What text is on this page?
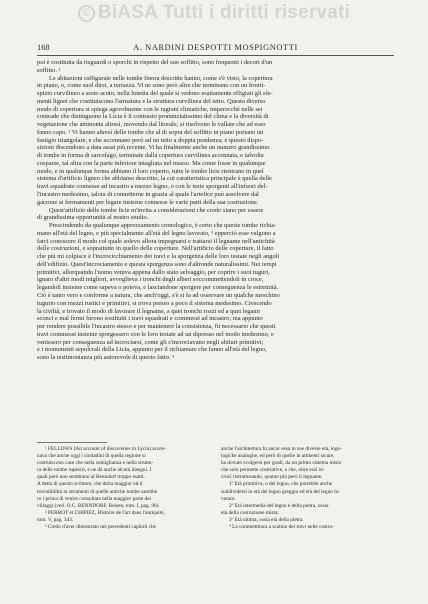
© BiASA Tutti i diritti riservati
168	A. NARDINI DESPOTTI MOSPIGNOTTI

poi è costituita da risguardi o sporchi in rispetto del suo soffitto, sono frequenti i decori d'un

soffitto. ¹

Le abitazioni raffigurate nelle tombe finora descritte hanno, come s'è visto, la copertura

in piano, o, come suol dirsi, a terrazza. Vi ne sono però altre che terminano con un fronti-

spizio curvilineo a sesto acuto, nella lunetta del quale si vedono esattamente effigiati gli ele-

menti lignei che costituiscono l'armatura e la struttura curvilinea del tetto. Questo diverso

modo di copertura si spiega agevolmente con le ragioni climatiche, imperocchè nelle sei

contrade che distinguono la Licia è il contrasto pronunziatissimo del clima e la diversità di

vegetazione che ammonta altresì, movendo dal litorale, si risolvono le vallate che ad esso

fanno capo. ² Vi hanno altresì delle tombe che al di sopra del soffitto in piano portano un

fastigio triangolare, e che accennano però ad un tetto a doppia pendenza; e questo dispo-

sizioni discendono a data assai più recente. Vi ha finalmente anche un numero grandissimo

di tombe in forma di sarcofago, terminate dalla copertura curvilinea accennata, e talvolta

cosparse, tal altra con la parte inferiore intagliata nel masso. Ma come fosse in qualunque

modo, e in qualunque forma abbiano il loro coperto, tutte le tombe licie rientrano in quel

sistema d'artificio ligneo che abbiamo descritto, la cui caratteristica principale è quella delle

travi squadrate connesse ad incastro a mezzo legno, o con le teste sporgenti all'infuori del-

l'incastro medesimo, talora di connetterne in grazia al quale l'artefice può assolvere dal

garzone ai fermamenti per legare insieme connesse le varie parti della sua costruzione.

Quest'artifizio delle tombe licie m'invita a considerazioni che credo siano per essere

di grandissima opportunità al nostro studio.

Prescindendo da qualunque apprezzamento cronologico, è certo che queste tombe richia-

mano all'età del legno, e più specialmente all'età del legno lavorato, ³ epperciò esse valgono a

farci conoscere il modo col quale solevo allora impegnarsi e trattarsi il legname nell'antichità

delle costruzioni, e soprattutto in quello delle coperture. Nell'artificio delle coperture, il fatto

che più mi colpisce è l'incrocicchiamento dei travi e la sporgenza delle loro testate negli angoli

dell'edifizio. Quest'incrociamento e questa sporgenza sono d'altronde naturalissimi. Nei tempi

primitivi, allorquando l'uomo veniva appena dallo stato selvaggio, per coprire i suoi tuguri,

ignaro d'altri modi migliori, avvoglieva i tronchi degli alberi soccommettendoli in croce,

legandoli insieme come sapeva o poteva, e lasciandone sporgere per conseguenza le estremità.

Ciò è tanto vero e conforme a natura, che anch'oggi, s'è si fa ad osservare un qualche meschino

tugurio con mezzi rustici e primitivi, si trova presso a poco il sistema medesimo. Crescendo

la civiltà, e trovato il modo di lavorare il legname, a quei tronchi rozzi ed a quei legami

sconci e mal fermi furono sostituiti i travi squadrati e commessi ad incastro; ma appunto

per rendere possibile l'incastro stesso e per mantenere la consistenza, fu necessario che questi

travi commessi insieme sporgessero con le loro testate ad un dipresso nel modo medesimo, e

venissero per conseguenza ad incrociarsi, come gli s'incrociavano negli abituri primitivi;

e i monumenti sepolcrali della Licia, appunto per il richiamare che fanno all'età del legno,

sono la testimonianza più autorevole di questo fatto. ⁴

¹ FELLOWS (An account of discoveries in Lycia) accen-

nava che anche oggi i contadini di quella regione si

costruiscono case che nella somiglianza e nella struttu-

ra delle tombe rupestri, e ne dà anche alcuni disegni. I

quali però non sembrano al Benndorf troppo esatti.

A detta di questo scrittore, che della maggior ed il

trovolibilità in strumenti di quelle antiche tombe sarebbe

ro i prima di venire consultata nella maggior parte dei

villaggi (ved. O.C. BENNDORF, Reisen, tom. I, pag. 96).

² PERROT et CHIPIEZ, Histoire de l'art dans l'antiquité,

tom. V, pag. 343.

³ Credo d'aver dimostrato nei precedenti capitoli che

anche l'architettura fu ancor essa in sue diverse età, logo-

logiche analoghe, ed però di quelle in attinenti sicure,

ha dovuto svolgersi per gradi, da un primo sistema misto

che solo permette costruttive, e che, oltre essi in-

croci ristrutturando, quanto più però il legname.

1º Età primitiva, o del legno, che potrebbe anche

suddividersi in età del legno greggio ed età del legno la-

vorato.

2º Età intermedia del legno e della pietra, ossia

età della costruzione mista;

3º Età ultima, ossia età della pietra.

⁴ La commettitura a scalino dei travi nelle costru-
